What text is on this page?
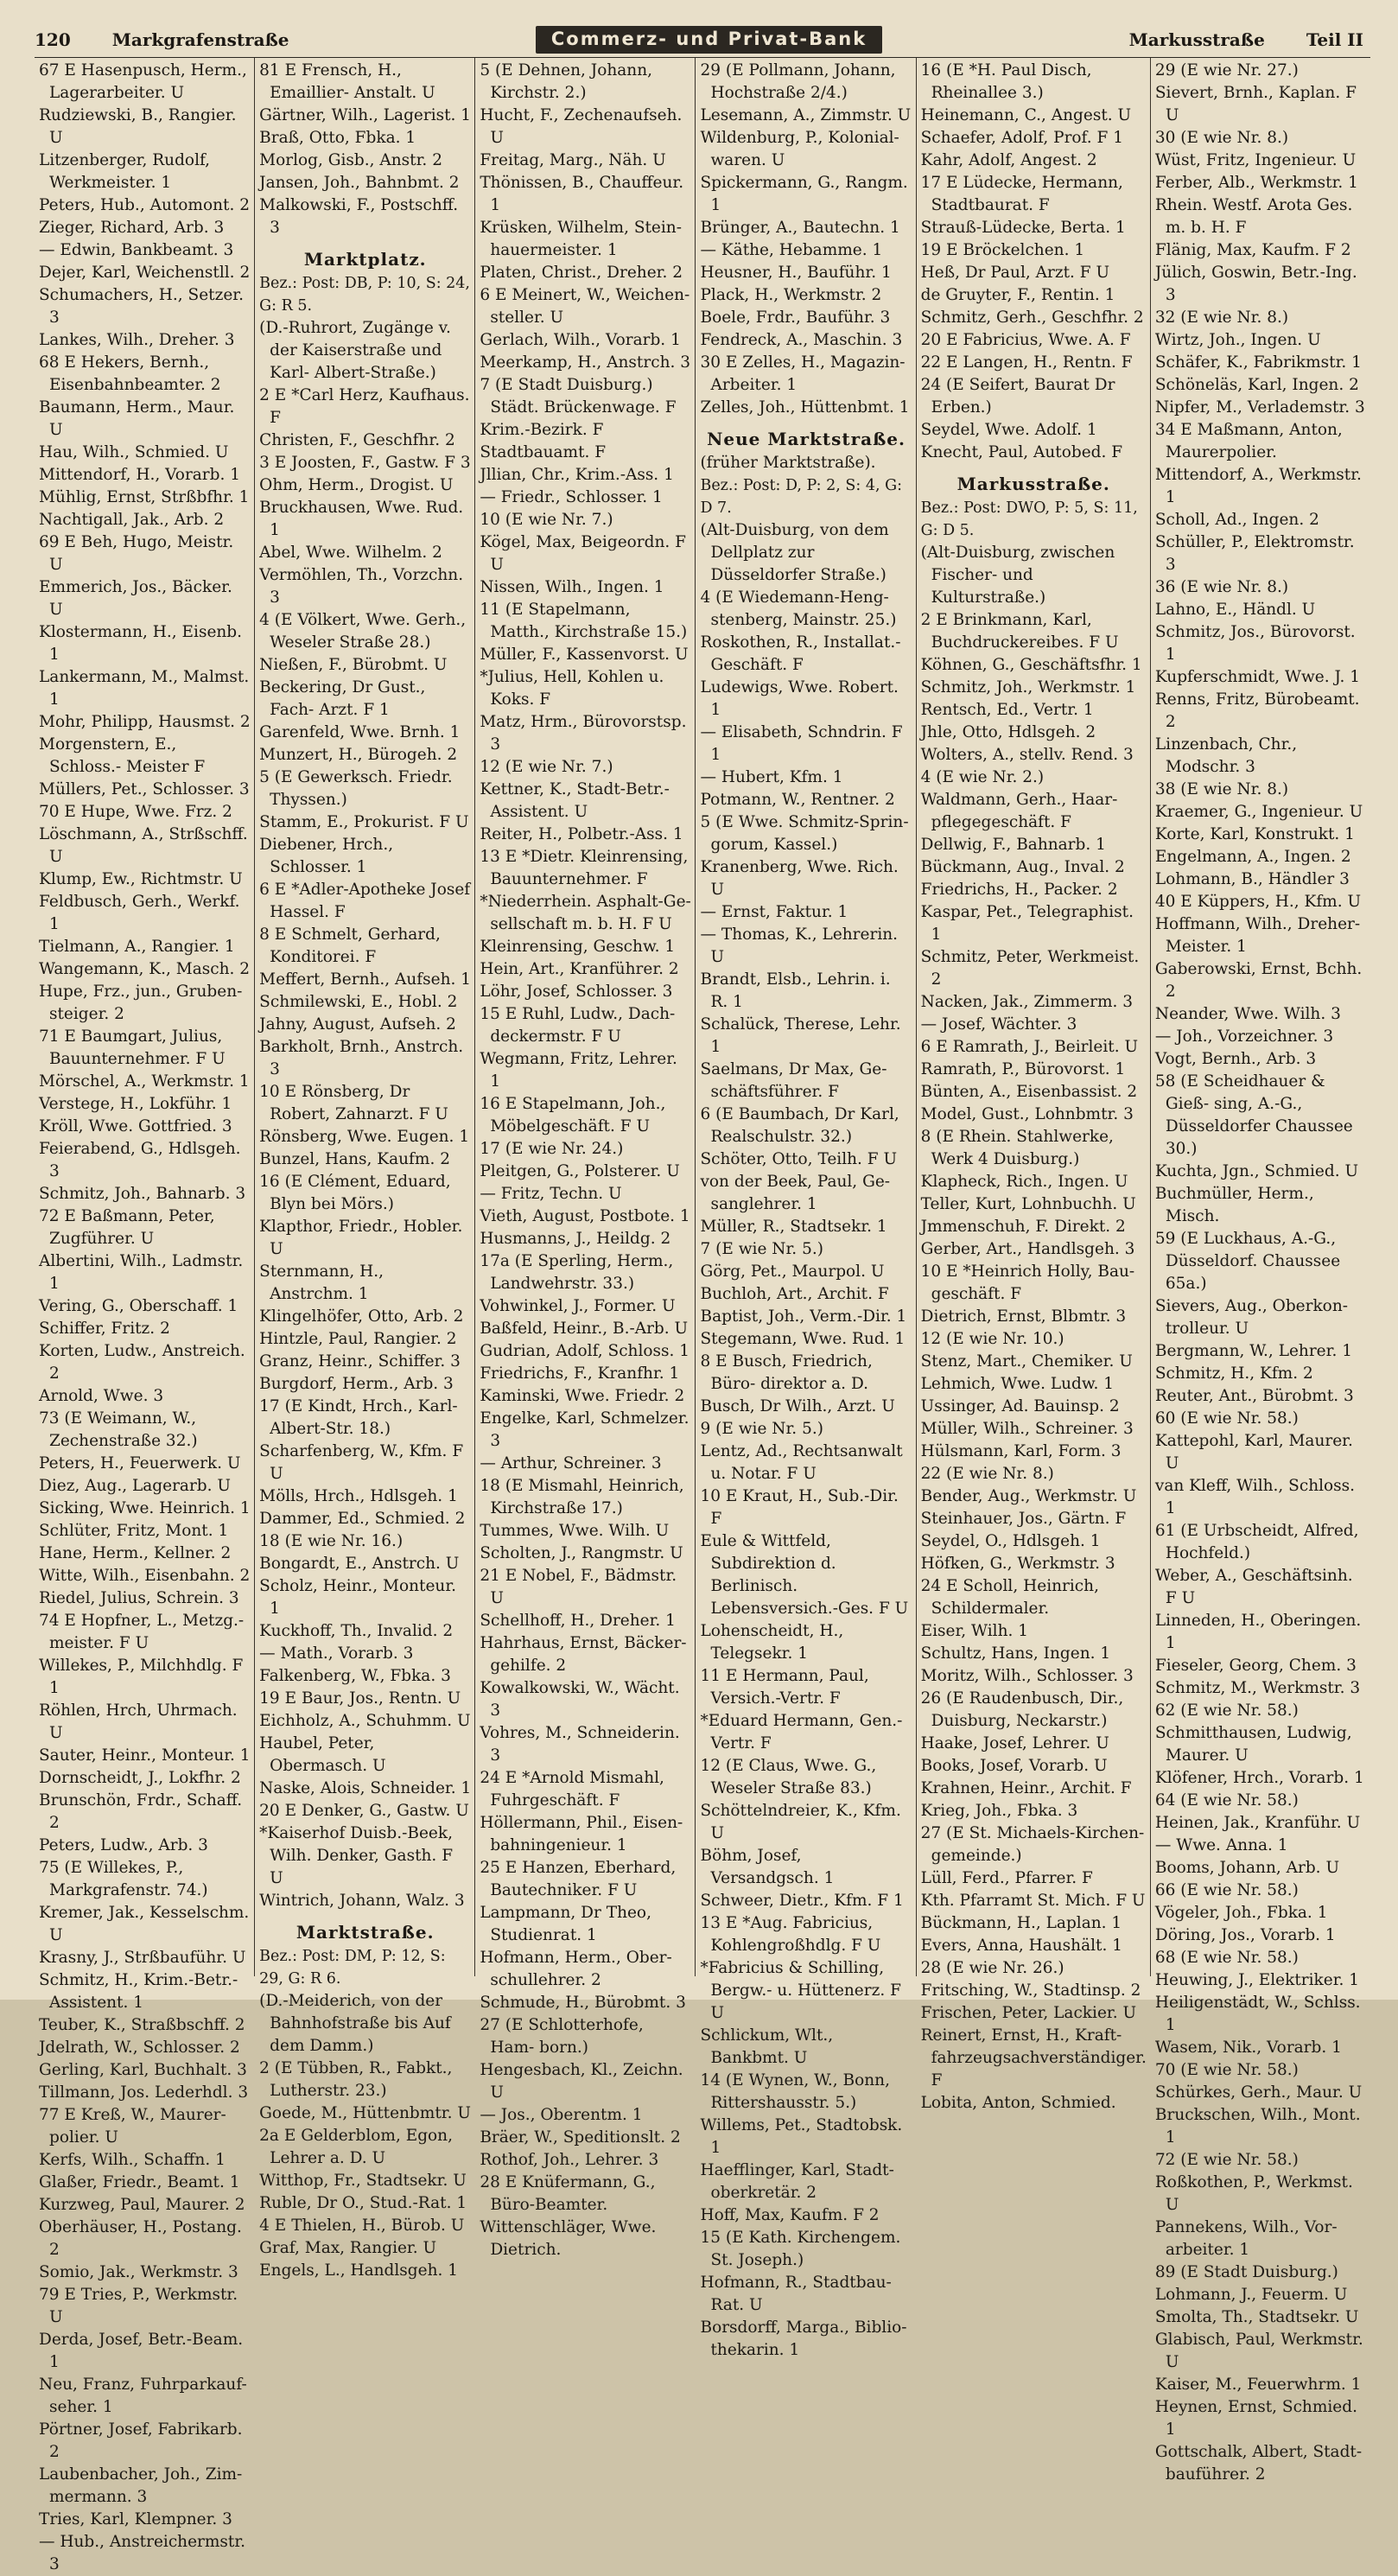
120 Markgrafenstraße	Commerz- und Privat-Bank	Markusstraße Teil II
67 E Hasenpusch, Herm., Lagerarbeiter. U
Rudziewski, B., Rangier. U
Litzenberger, Rudolf, Werkmeister. 1
Peters, Hub., Automont. 2
Zieger, Richard, Arb. 3
— Edwin, Bankbeamt. 3
Dejer, Karl, Weichenstll. 2
Schumachers, H., Setzer. 3
Lankes, Wilh., Dreher. 3
68 E Hekers, Bernh., Eisenbahnbeamter. 2
Baumann, Herm., Maur. U
Hau, Wilh., Schmied. U
Mittendorf, H., Vorarb. 1
Mühlig, Ernst, Strßbfhr. 1
Nachtigall, Jak., Arb. 2
69 E Beh, Hugo, Meistr. U
Emmerich, Jos., Bäcker. U
Klostermann, H., Eisenb. 1
Lankermann, M., Malmst. 1
Mohr, Philipp, Hausmst. 2
Morgenstern, E., Schloss.- Meister F
Müllers, Pet., Schlosser. 3
70 E Hupe, Wwe. Frz. 2
Löschmann, A., Strßschff. U
Klump, Ew., Richtmstr. U
Feldbusch, Gerh., Werkf. 1
Tielmann, A., Rangier. 1
Wangemann, K., Masch. 2
Hupe, Frz., jun., Gruben- steiger. 2
71 E Baumgart, Julius, Bauunternehmer. F U
Mörschel, A., Werkmstr. 1
Verstege, H., Lokführ. 1
Kröll, Wwe. Gottfried. 3
Feierabend, G., Hdlsgeh. 3
Schmitz, Joh., Bahnarb. 3
72 E Baßmann, Peter, Zugführer. U
Albertini, Wilh., Ladmstr. 1
Vering, G., Oberschaff. 1
Schiffer, Fritz. 2
Korten, Ludw., Anstreich. 2
Arnold, Wwe. 3
73 (E Weimann, W., Zechenstraße 32.)
Peters, H., Feuerwerk. U
Diez, Aug., Lagerarb. U
Sicking, Wwe. Heinrich. 1
Schlüter, Fritz, Mont. 1
Hane, Herm., Kellner. 2
Witte, Wilh., Eisenbahn. 2
Riedel, Julius, Schrein. 3
74 E Hopfner, L., Metzg.- meister. F U
Willekes, P., Milchhdlg. F 1
Röhlen, Hrch, Uhrmach. U
Sauter, Heinr., Monteur. 1
Dornscheidt, J., Lokfhr. 2
Brunschön, Frdr., Schaff. 2
Peters, Ludw., Arb. 3
75 (E Willekes, P., Markgrafenstr. 74.)
Kremer, Jak., Kesselschm. U
Krasny, J., Strßbauführ. U
Schmitz, H., Krim.-Betr.- Assistent. 1
Teuber, K., Straßbschff. 2
Jdelrath, W., Schlosser. 2
Gerling, Karl, Buchhalt. 3
Tillmann, Jos. Lederhdl. 3
77 E Kreß, W., Maurer- polier. U
Kerfs, Wilh., Schaffn. 1
Glaßer, Friedr., Beamt. 1
Kurzweg, Paul, Maurer. 2
Oberhäuser, H., Postang. 2
Somio, Jak., Werkmstr. 3
79 E Tries, P., Werkmstr. U
Derda, Josef, Betr.-Beam. 1
Neu, Franz, Fuhrparkauf- seher. 1
Pörtner, Josef, Fabrikarb. 2
Laubenbacher, Joh., Zim- mermann. 3
Tries, Karl, Klempner. 3
— Hub., Anstreichermstr. 3
81 E Frensch, H., Emaillier- Anstalt. U
Gärtner, Wilh., Lagerist. 1
Braß, Otto, Fbka. 1
Morlog, Gisb., Anstr. 2
Jansen, Joh., Bahnbmt. 2
Malkowski, F., Postschff. 3
Marktplatz.
Bez.: Post: DB, P: 10, S: 24, G: R 5.
(D.-Ruhrort, Zugänge v. der Kaiserstraße und Karl- Albert-Straße.)
2 E *Carl Herz, Kaufhaus. F
Christen, F., Geschfhr. 2
3 E Joosten, F., Gastw. F 3
Ohm, Herm., Drogist. U
Bruckhausen, Wwe. Rud. 1
Abel, Wwe. Wilhelm. 2
Vermöhlen, Th., Vorzchn. 3
4 (E Völkert, Wwe. Gerh., Weseler Straße 28.)
Nießen, F., Bürobmt. U
Beckering, Dr Gust., Fach- Arzt. F 1
Garenfeld, Wwe. Brnh. 1
Munzert, H., Bürogeh. 2
5 (E Gewerksch. Friedr. Thyssen.)
Stamm, E., Prokurist. F U
Diebener, Hrch., Schlosser. 1
6 E *Adler-Apotheke Josef Hassel. F
8 E Schmelt, Gerhard, Konditorei. F
Meffert, Bernh., Aufseh. 1
Schmilewski, E., Hobl. 2
Jahny, August, Aufseh. 2
Barkholt, Brnh., Anstrch. 3
10 E Rönsberg, Dr Robert, Zahnarzt. F U
Rönsberg, Wwe. Eugen. 1
Bunzel, Hans, Kaufm. 2
16 (E Clément, Eduard, Blyn bei Mörs.)
Klapthor, Friedr., Hobler. U
Sternmann, H., Anstrchm. 1
Klingelhöfer, Otto, Arb. 2
Hintzle, Paul, Rangier. 2
Granz, Heinr., Schiffer. 3
Burgdorf, Herm., Arb. 3
17 (E Kindt, Hrch., Karl- Albert-Str. 18.)
Scharfenberg, W., Kfm. F U
Mölls, Hrch., Hdlsgeh. 1
Dammer, Ed., Schmied. 2
18 (E wie Nr. 16.)
Bongardt, E., Anstrch. U
Scholz, Heinr., Monteur. 1
Kuckhoff, Th., Invalid. 2
— Math., Vorarb. 3
Falkenberg, W., Fbka. 3
19 E Baur, Jos., Rentn. U
Eichholz, A., Schuhmm. U
Haubel, Peter, Obermasch. U
Naske, Alois, Schneider. 1
20 E Denker, G., Gastw. U
*Kaiserhof Duisb.-Beek, Wilh. Denker, Gasth. F U
Wintrich, Johann, Walz. 3
Marktstraße.
Bez.: Post: DM, P: 12, S: 29, G: R 6.
(D.-Meiderich, von der Bahnhofstraße bis Auf dem Damm.)
2 (E Tübben, R., Fabkt., Lutherstr. 23.)
Goede, M., Hüttenbmtr. U
2a E Gelderblom, Egon, Lehrer a. D. U
Witthop, Fr., Stadtsekr. U
Ruble, Dr O., Stud.-Rat. 1
4 E Thielen, H., Bürob. U
Graf, Max, Rangier. U
Engels, L., Handlsgeh. 1
5 (E Dehnen, Johann, Kirchstr. 2.)
Hucht, F., Zechenaufseh. U
Freitag, Marg., Näh. U
Thönissen, B., Chauffeur. 1
Krüsken, Wilhelm, Stein- hauermeister. 1
Platen, Christ., Dreher. 2
6 E Meinert, W., Weichen- steller. U
Gerlach, Wilh., Vorarb. 1
Meerkamp, H., Anstrch. 3
7 (E Stadt Duisburg.) Städt. Brückenwage. F
Krim.-Bezirk. F
Stadtbauamt. F
Jllian, Chr., Krim.-Ass. 1
— Friedr., Schlosser. 1
10 (E wie Nr. 7.)
Kögel, Max, Beigeordn. F U
Nissen, Wilh., Ingen. 1
11 (E Stapelmann, Matth., Kirchstraße 15.)
Müller, F., Kassenvorst. U
*Julius, Hell, Kohlen u. Koks. F
Matz, Hrm., Bürovorstsp. 3
12 (E wie Nr. 7.)
Kettner, K., Stadt-Betr.- Assistent. U
Reiter, H., Polbetr.-Ass. 1
13 E *Dietr. Kleinrensing, Bauunternehmer. F
*Niederrhein. Asphalt-Ge- sellschaft m. b. H. F U
Kleinrensing, Geschw. 1
Hein, Art., Kranführer. 2
Löhr, Josef, Schlosser. 3
15 E Ruhl, Ludw., Dach- deckermstr. F U
Wegmann, Fritz, Lehrer. 1
16 E Stapelmann, Joh., Möbelgeschäft. F U
17 (E wie Nr. 24.)
Pleitgen, G., Polsterer. U
— Fritz, Techn. U
Vieth, August, Postbote. 1
Husmanns, J., Heildg. 2
17a (E Sperling, Herm., Landwehrstr. 33.)
Vohwinkel, J., Former. U
Baßfeld, Heinr., B.-Arb. U
Gudrian, Adolf, Schloss. 1
Friedrichs, F., Kranfhr. 1
Kaminski, Wwe. Friedr. 2
Engelke, Karl, Schmelzer. 3
— Arthur, Schreiner. 3
18 (E Mismahl, Heinrich, Kirchstraße 17.)
Tummes, Wwe. Wilh. U
Scholten, J., Rangmstr. U
21 E Nobel, F., Bädmstr. U
Schellhoff, H., Dreher. 1
Hahrhaus, Ernst, Bäcker- gehilfe. 2
Kowalkowski, W., Wächt. 3
Vohres, M., Schneiderin. 3
24 E *Arnold Mismahl, Fuhrgeschäft. F
Höllermann, Phil., Eisen- bahningenieur. 1
25 E Hanzen, Eberhard, Bautechniker. F U
Lampmann, Dr Theo, Studienrat. 1
Hofmann, Herm., Ober- schullehrer. 2
Schmude, H., Bürobmt. 3
27 (E Schlotterhofe, Ham- born.)
Hengesbach, Kl., Zeichn. U
— Jos., Oberentm. 1
Bräer, W., Speditionslt. 2
Rothof, Joh., Lehrer. 3
28 E Knüfermann, G., Büro-Beamter.
Wittenschläger, Wwe. Dietrich.
29 (E Pollmann, Johann, Hochstraße 2/4.)
Lesemann, A., Zimmstr. U
Wildenburg, P., Kolonial- waren. U
Spickermann, G., Rangm. 1
Brünger, A., Bautechn. 1
— Käthe, Hebamme. 1
Heusner, H., Bauführ. 1
Plack, H., Werkmstr. 2
Boele, Frdr., Bauführ. 3
Fendreck, A., Maschin. 3
30 E Zelles, H., Magazin- Arbeiter. 1
Zelles, Joh., Hüttenbmt. 1
Neue Marktstraße.
(früher Marktstraße).
Bez.: Post: D, P: 2, S: 4, G: D 7.
(Alt-Duisburg, von dem Dellplatz zur Düsseldorfer Straße.)
4 (E Wiedemann-Heng- stenberg, Mainstr. 25.)
Roskothen, R., Installat.- Geschäft. F
Ludewigs, Wwe. Robert. 1
— Elisabeth, Schndrin. F 1
— Hubert, Kfm. 1
Potmann, W., Rentner. 2
5 (E Wwe. Schmitz-Sprin- gorum, Kassel.)
Kranenberg, Wwe. Rich. U
— Ernst, Faktur. 1
— Thomas, K., Lehrerin. U
Brandt, Elsb., Lehrin. i. R. 1
Schalück, Therese, Lehr. 1
Saelmans, Dr Max, Ge- schäftsführer. F
6 (E Baumbach, Dr Karl, Realschulstr. 32.)
Schöter, Otto, Teilh. F U
von der Beek, Paul, Ge- sanglehrer. 1
Müller, R., Stadtsekr. 1
7 (E wie Nr. 5.)
Görg, Pet., Maurpol. U
Buchloh, Art., Archit. F
Baptist, Joh., Verm.-Dir. 1
Stegemann, Wwe. Rud. 1
8 E Busch, Friedrich, Büro- direktor a. D.
Busch, Dr Wilh., Arzt. U
9 (E wie Nr. 5.)
Lentz, Ad., Rechtsanwalt u. Notar. F U
10 E Kraut, H., Sub.-Dir. F
Eule & Wittfeld, Subdirektion d. Berlinisch. Lebensversich.-Ges. F U
Lohenscheidt, H., Telegsekr. 1
11 E Hermann, Paul, Versich.-Vertr. F
*Eduard Hermann, Gen.- Vertr. F
12 (E Claus, Wwe. G., Weseler Straße 83.)
Schöttelndreier, K., Kfm. U
Böhm, Josef, Versandgsch. 1
Schweer, Dietr., Kfm. F 1
13 E *Aug. Fabricius, Kohlengroßhdlg. F U
*Fabricius & Schilling, Bergw.- u. Hüttenerz. F U
Schlickum, Wlt., Bankbmt. U
14 (E Wynen, W., Bonn, Rittershausstr. 5.)
Willems, Pet., Stadtobsk. 1
Haefflinger, Karl, Stadt- oberkretär. 2
Hoff, Max, Kaufm. F 2
15 (E Kath. Kirchengem. St. Joseph.)
Hofmann, R., Stadtbau- Rat. U
Borsdorff, Marga., Biblio- thekarin. 1
16 (E *H. Paul Disch, Rheinallee 3.)
Heinemann, C., Angest. U
Schaefer, Adolf, Prof. F 1
Kahr, Adolf, Angest. 2
17 E Lüdecke, Hermann, Stadtbaurat. F
Strauß-Lüdecke, Berta. 1
19 E Bröckelchen. 1
Heß, Dr Paul, Arzt. F U
de Gruyter, F., Rentin. 1
Schmitz, Gerh., Geschfhr. 2
20 E Fabricius, Wwe. A. F
22 E Langen, H., Rentn. F
24 (E Seifert, Baurat Dr Erben.)
Seydel, Wwe. Adolf. 1
Knecht, Paul, Autobed. F
Markusstraße.
Bez.: Post: DWO, P: 5, S: 11, G: D 5.
(Alt-Duisburg, zwischen Fischer- und Kulturstraße.)
2 E Brinkmann, Karl, Buchdruckereibes. F U
Köhnen, G., Geschäftsfhr. 1
Schmitz, Joh., Werkmstr. 1
Rentsch, Ed., Vertr. 1
Jhle, Otto, Hdlsgeh. 2
Wolters, A., stellv. Rend. 3
4 (E wie Nr. 2.)
Waldmann, Gerh., Haar- pflegegeschäft. F
Dellwig, F., Bahnarb. 1
Bückmann, Aug., Inval. 2
Friedrichs, H., Packer. 2
Kaspar, Pet., Telegraphist. 1
Schmitz, Peter, Werkmeist. 2
Nacken, Jak., Zimmerm. 3
— Josef, Wächter. 3
6 E Ramrath, J., Beirleit. U
Ramrath, P., Bürovorst. 1
Bünten, A., Eisenbassist. 2
Model, Gust., Lohnbmtr. 3
8 (E Rhein. Stahlwerke, Werk 4 Duisburg.)
Klapheck, Rich., Ingen. U
Teller, Kurt, Lohnbuchh. U
Jmmenschuh, F. Direkt. 2
Gerber, Art., Handlsgeh. 3
10 E *Heinrich Holly, Bau- geschäft. F
Dietrich, Ernst, Blbmtr. 3
12 (E wie Nr. 10.)
Stenz, Mart., Chemiker. U
Lehmich, Wwe. Ludw. 1
Ussinger, Ad. Bauinsp. 2
Müller, Wilh., Schreiner. 3
Hülsmann, Karl, Form. 3
22 (E wie Nr. 8.)
Bender, Aug., Werkmstr. U
Steinhauer, Jos., Gärtn. F
Seydel, O., Hdlsgeh. 1
Höfken, G., Werkmstr. 3
24 E Scholl, Heinrich, Schildermaler.
Eiser, Wilh. 1
Schultz, Hans, Ingen. 1
Moritz, Wilh., Schlosser. 3
26 (E Raudenbusch, Dir., Duisburg, Neckarstr.)
Haake, Josef, Lehrer. U
Books, Josef, Vorarb. U
Krahnen, Heinr., Archit. F
Krieg, Joh., Fbka. 3
27 (E St. Michaels-Kirchen- gemeinde.)
Lüll, Ferd., Pfarrer. F
Kth. Pfarramt St. Mich. F U
Bückmann, H., Laplan. 1
Evers, Anna, Haushält. 1
28 (E wie Nr. 26.)
Fritsching, W., Stadtinsp. 2
Frischen, Peter, Lackier. U
Reinert, Ernst, H., Kraft- fahrzeugsachverständiger. F
Lobita, Anton, Schmied.
29 (E wie Nr. 27.)
Sievert, Brnh., Kaplan. F U
30 (E wie Nr. 8.)
Wüst, Fritz, Ingenieur. U
Ferber, Alb., Werkmstr. 1
Rhein. Westf. Arota Ges. m. b. H. F
Flänig, Max, Kaufm. F 2
Jülich, Goswin, Betr.-Ing. 3
32 (E wie Nr. 8.)
Wirtz, Joh., Ingen. U
Schäfer, K., Fabrikmstr. 1
Schöneläs, Karl, Ingen. 2
Nipfer, M., Verlademstr. 3
34 E Maßmann, Anton, Maurerpolier.
Mittendorf, A., Werkmstr. 1
Scholl, Ad., Ingen. 2
Schüller, P., Elektromstr. 3
36 (E wie Nr. 8.)
Lahno, E., Händl. U
Schmitz, Jos., Bürovorst. 1
Kupferschmidt, Wwe. J. 1
Renns, Fritz, Bürobeamt. 2
Linzenbach, Chr., Modschr. 3
38 (E wie Nr. 8.)
Kraemer, G., Ingenieur. U
Korte, Karl, Konstrukt. 1
Engelmann, A., Ingen. 2
Lohmann, B., Händler 3
40 E Küppers, H., Kfm. U
Hoffmann, Wilh., Dreher- Meister. 1
Gaberowski, Ernst, Bchh. 2
Neander, Wwe. Wilh. 3
— Joh., Vorzeichner. 3
Vogt, Bernh., Arb. 3
58 (E Scheidhauer & Gieß- sing, A.-G., Düsseldorfer Chaussee 30.)
Kuchta, Jgn., Schmied. U
Buchmüller, Herm., Misch.
59 (E Luckhaus, A.-G., Düsseldorf. Chaussee 65a.)
Sievers, Aug., Oberkon- trolleur. U
Bergmann, W., Lehrer. 1
Schmitz, H., Kfm. 2
Reuter, Ant., Bürobmt. 3
60 (E wie Nr. 58.)
Kattepohl, Karl, Maurer. U
van Kleff, Wilh., Schloss. 1
61 (E Urbscheidt, Alfred, Hochfeld.)
Weber, A., Geschäftsinh. F U
Linneden, H., Oberingen. 1
Fieseler, Georg, Chem. 3
Schmitz, M., Werkmstr. 3
62 (E wie Nr. 58.)
Schmitthausen, Ludwig, Maurer. U
Klöfener, Hrch., Vorarb. 1
64 (E wie Nr. 58.)
Heinen, Jak., Kranführ. U
— Wwe. Anna. 1
Booms, Johann, Arb. U
66 (E wie Nr. 58.)
Vögeler, Joh., Fbka. 1
Döring, Jos., Vorarb. 1
68 (E wie Nr. 58.)
Heuwing, J., Elektriker. 1
Heiligenstädt, W., Schlss. 1
Wasem, Nik., Vorarb. 1
70 (E wie Nr. 58.)
Schürkes, Gerh., Maur. U
Bruckschen, Wilh., Mont. 1
72 (E wie Nr. 58.)
Roßkothen, P., Werkmst. U
Pannekens, Wilh., Vor- arbeiter. 1
89 (E Stadt Duisburg.)
Lohmann, J., Feuerm. U
Smolta, Th., Stadtsekr. U
Glabisch, Paul, Werkmstr. U
Kaiser, M., Feuerwhrm. 1
Heynen, Ernst, Schmied. 1
Gottschalk, Albert, Stadt- bauführer. 2
